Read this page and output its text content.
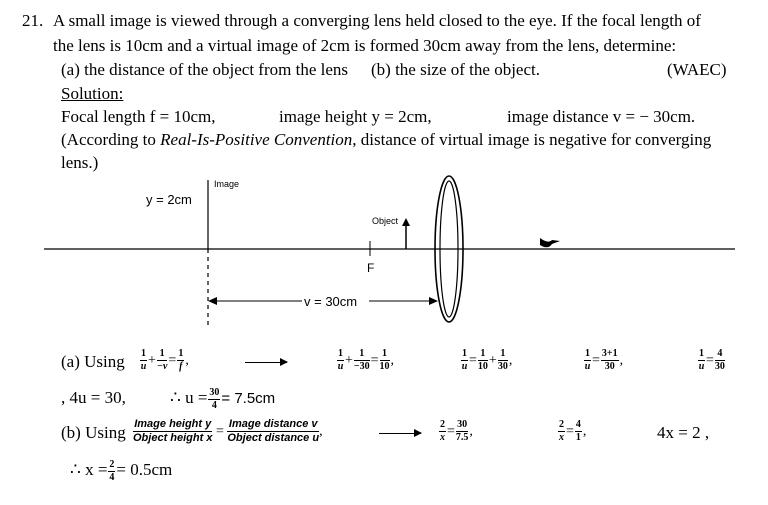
21. A small image is viewed through a converging lens held closed to the eye. If the focal length of
the lens is 10cm and a virtual image of 2cm is formed 30cm away from the lens, determine:
(a) the distance of the object from the lens (b) the size of the object.	(WAEC)
Solution:
Focal length f = 10cm,	image height y = 2cm,	image distance v = − 30cm.
(According to Real-Is-Positive Convention, distance of virtual image is negative for converging
lens.)
Image
y = 2cm
Object
F
v = 30cm
(a) Using $\frac{1}{u} + \frac{1}{-v} = \frac{1}{f}$ ,	$\frac{1}{u} + \frac{1}{-30} = \frac{1}{10}$ ,	$\frac{1}{u} = \frac{1}{10} + \frac{1}{30}$ ,	$\frac{1}{u} = \frac{3+1}{30}$ ,	$\frac{1}{u} = \frac{4}{30}$
, 4u = 30,	∴ $u = \frac{30}{4} = 7.5cm$
(b) Using Image height y
Object height x = Image distance v
Object distance u ,	$\frac{2}{x} = \frac{30}{7.5}$ ,	$\frac{2}{x} = \frac{4}{1}$ ,	4x = 2 ,
∴ $x = \frac{2}{4} = 0.5cm$
